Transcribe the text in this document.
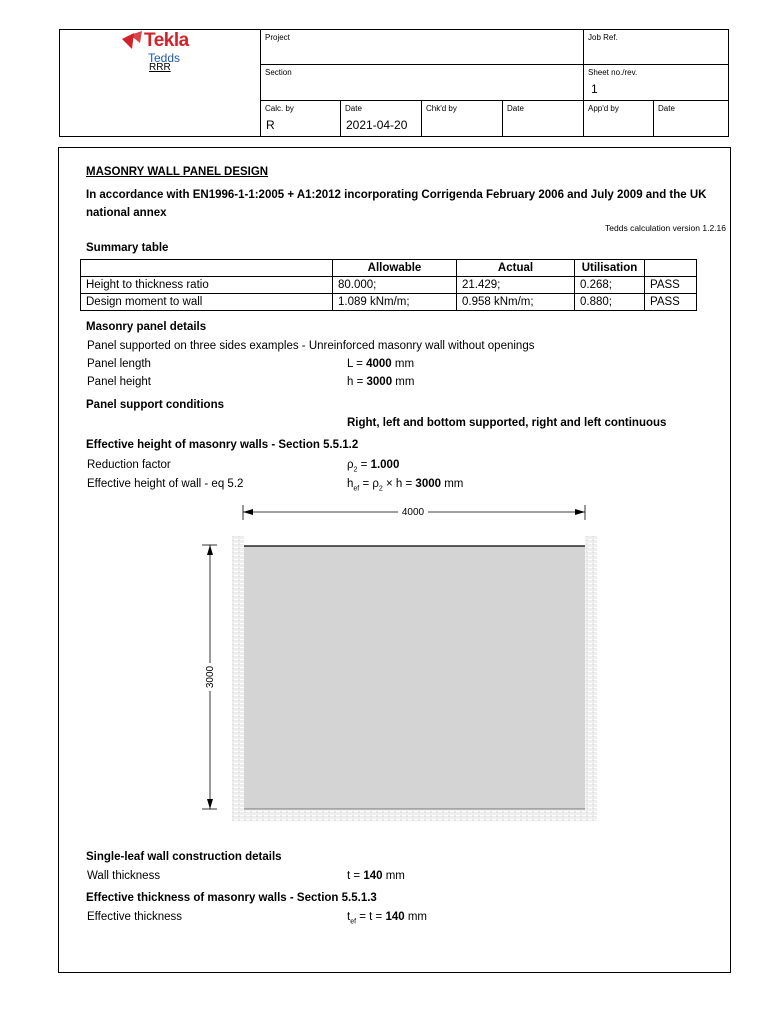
Tekla
Tedds
RRR
Project	Job Ref.
Section	Sheet no./rev.
1
Calc. by
R
Date
2021-04-20
Chk'd by	Date	App'd by	Date
MASONRY WALL PANEL DESIGN
In accordance with EN1996-1-1:2005 + A1:2012 incorporating Corrigenda February 2006 and July 2009 and the UK
national annex
Tedds calculation version 1.2.16
Summary table
	Allowable	Actual	Utilisation	
Height to thickness ratio	80.000;	21.429;	0.268;	PASS
Design moment to wall	1.089 kNm/m;	0.958 kNm/m;	0.880;	PASS
Masonry panel details
Panel supported on three sides examples - Unreinforced masonry wall without openings
Panel length	L = 4000 mm
Panel height	h = 3000 mm
Panel support conditions
Right, left and bottom supported, right and left continuous
Effective height of masonry walls - Section 5.5.1.2
Reduction factor	$\rho_2 = 1.000$
Effective height of wall - eq 5.2	$h_{ef} = \rho_2 \times h = 3000$ mm
4000
3000
Single-leaf wall construction details
Wall thickness	t = 140 mm
Effective thickness of masonry walls - Section 5.5.1.3
Effective thickness	$t_{ef} = t = 140$ mm
